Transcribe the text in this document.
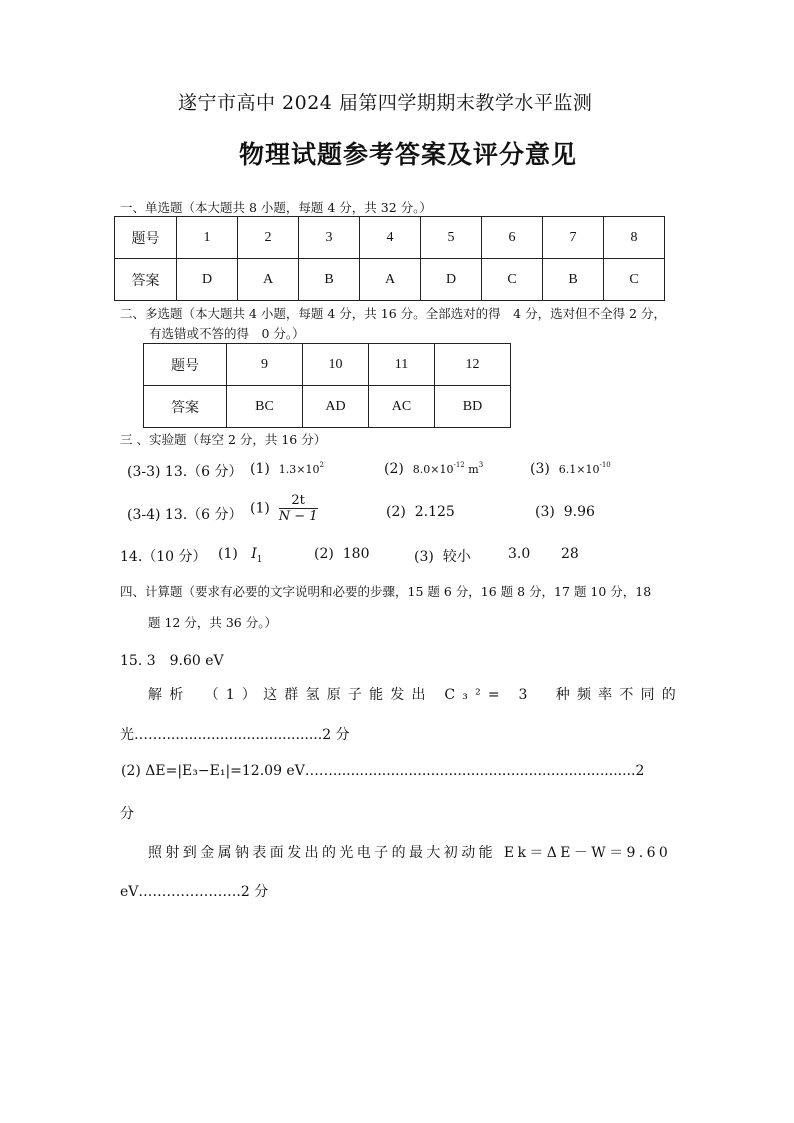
遂宁市高中 2024 届第四学期期末教学水平监测
物理试题参考答案及评分意见
一、单选题（本大题共 8 小题，每题 4 分，共 32 分。）
题号	1	2	3	4	5	6	7	8
答案	D	A	B	A	D	C	B	C
二、多选题（本大题共 4 小题，每题 4 分，共 16 分。全部选对的得　4 分，选对但不全得 2 分，
有选错或不答的得　0 分。）
题号	9	10	11	12
答案	BC	AD	AC	BD
三 、实验题（每空 2 分，共 16 分）
(3-3) 13.（6 分） (1) $1.3\times 10^2$	(2) $8.0\times 10^{-12}$ $m^3$	(3) $6.1\times 10^{-10}$
(3-4) 13.（6 分） $(1) \frac{2t}{N - 1}$	(2) 2.125	(3) 9.96
14.（10 分） (1) $I_1$	(2) 180	(3) 较小	3.0 28
四、计算题（要求有必要的文字说明和必要的步骤，15 题 6 分，16 题 8 分，17 题 10 分，18
题 12 分，共 36 分。）
15. 3　9.60 eV
解析　（1）这群氢原子能发出 C₃²= 3　种频率不同的
光……....................................2 分
(2) ΔE=|E₃−E₁|=12.09 eV……....................................................................2
分
照射到金属钠表面发出的光电子的最大初动能 Ek＝ΔE－W＝9.60
eV………………….2 分
